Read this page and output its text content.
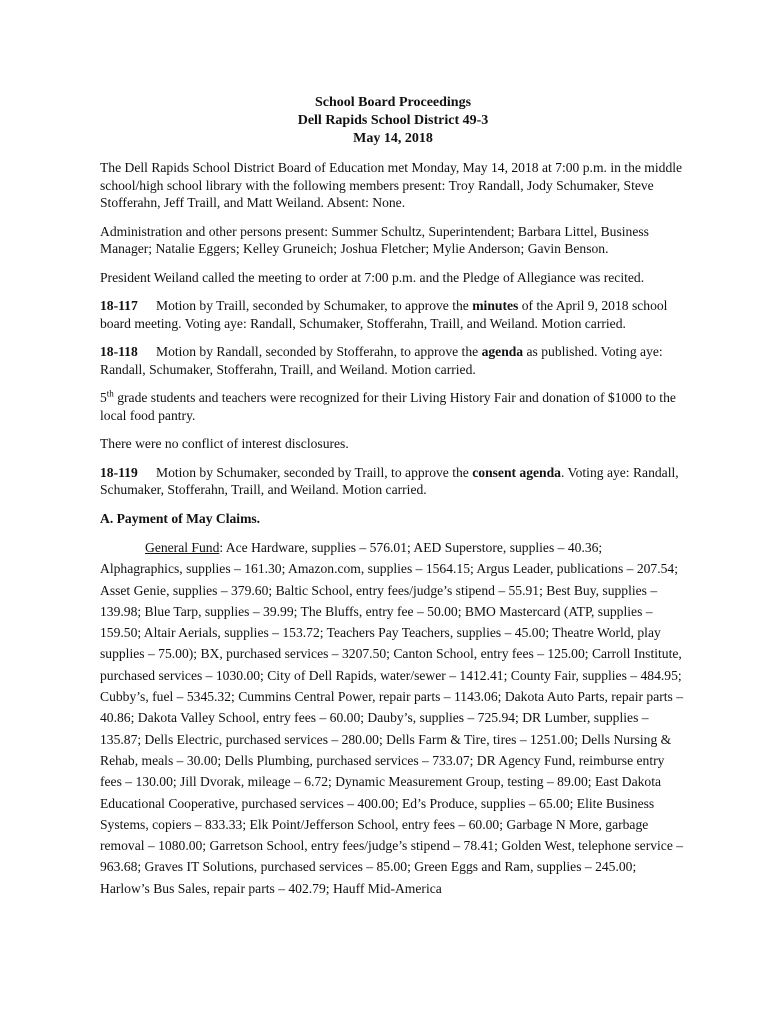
School Board Proceedings
Dell Rapids School District 49-3
May 14, 2018

The Dell Rapids School District Board of Education met Monday, May 14, 2018 at 7:00 p.m. in the middle school/high school library with the following members present: Troy Randall, Jody Schumaker, Steve Stofferahn, Jeff Traill, and Matt Weiland. Absent: None.

Administration and other persons present: Summer Schultz, Superintendent; Barbara Littel, Business Manager; Natalie Eggers; Kelley Gruneich; Joshua Fletcher; Mylie Anderson; Gavin Benson.

President Weiland called the meeting to order at 7:00 p.m. and the Pledge of Allegiance was recited.

18-117 Motion by Traill, seconded by Schumaker, to approve the minutes of the April 9, 2018 school board meeting. Voting aye: Randall, Schumaker, Stofferahn, Traill, and Weiland. Motion carried.

18-118 Motion by Randall, seconded by Stofferahn, to approve the agenda as published. Voting aye: Randall, Schumaker, Stofferahn, Traill, and Weiland. Motion carried.

5th grade students and teachers were recognized for their Living History Fair and donation of $1000 to the local food pantry.

There were no conflict of interest disclosures.

18-119 Motion by Schumaker, seconded by Traill, to approve the consent agenda. Voting aye: Randall, Schumaker, Stofferahn, Traill, and Weiland. Motion carried.

A. Payment of May Claims.

General Fund: Ace Hardware, supplies – 576.01; AED Superstore, supplies – 40.36; Alphagraphics, supplies – 161.30; Amazon.com, supplies – 1564.15; Argus Leader, publications – 207.54; Asset Genie, supplies – 379.60; Baltic School, entry fees/judge’s stipend – 55.91; Best Buy, supplies – 139.98; Blue Tarp, supplies – 39.99; The Bluffs, entry fee – 50.00; BMO Mastercard (ATP, supplies – 159.50; Altair Aerials, supplies – 153.72; Teachers Pay Teachers, supplies – 45.00; Theatre World, play supplies – 75.00); BX, purchased services – 3207.50; Canton School, entry fees – 125.00; Carroll Institute, purchased services – 1030.00; City of Dell Rapids, water/sewer – 1412.41; County Fair, supplies – 484.95; Cubby’s, fuel – 5345.32; Cummins Central Power, repair parts – 1143.06; Dakota Auto Parts, repair parts – 40.86; Dakota Valley School, entry fees – 60.00; Dauby’s, supplies – 725.94; DR Lumber, supplies – 135.87; Dells Electric, purchased services – 280.00; Dells Farm & Tire, tires – 1251.00; Dells Nursing & Rehab, meals – 30.00; Dells Plumbing, purchased services – 733.07; DR Agency Fund, reimburse entry fees – 130.00; Jill Dvorak, mileage – 6.72; Dynamic Measurement Group, testing – 89.00; East Dakota Educational Cooperative, purchased services – 400.00; Ed’s Produce, supplies – 65.00; Elite Business Systems, copiers – 833.33; Elk Point/Jefferson School, entry fees – 60.00; Garbage N More, garbage removal – 1080.00; Garretson School, entry fees/judge’s stipend – 78.41; Golden West, telephone service – 963.68; Graves IT Solutions, purchased services – 85.00; Green Eggs and Ram, supplies – 245.00; Harlow’s Bus Sales, repair parts – 402.79; Hauff Mid-America
